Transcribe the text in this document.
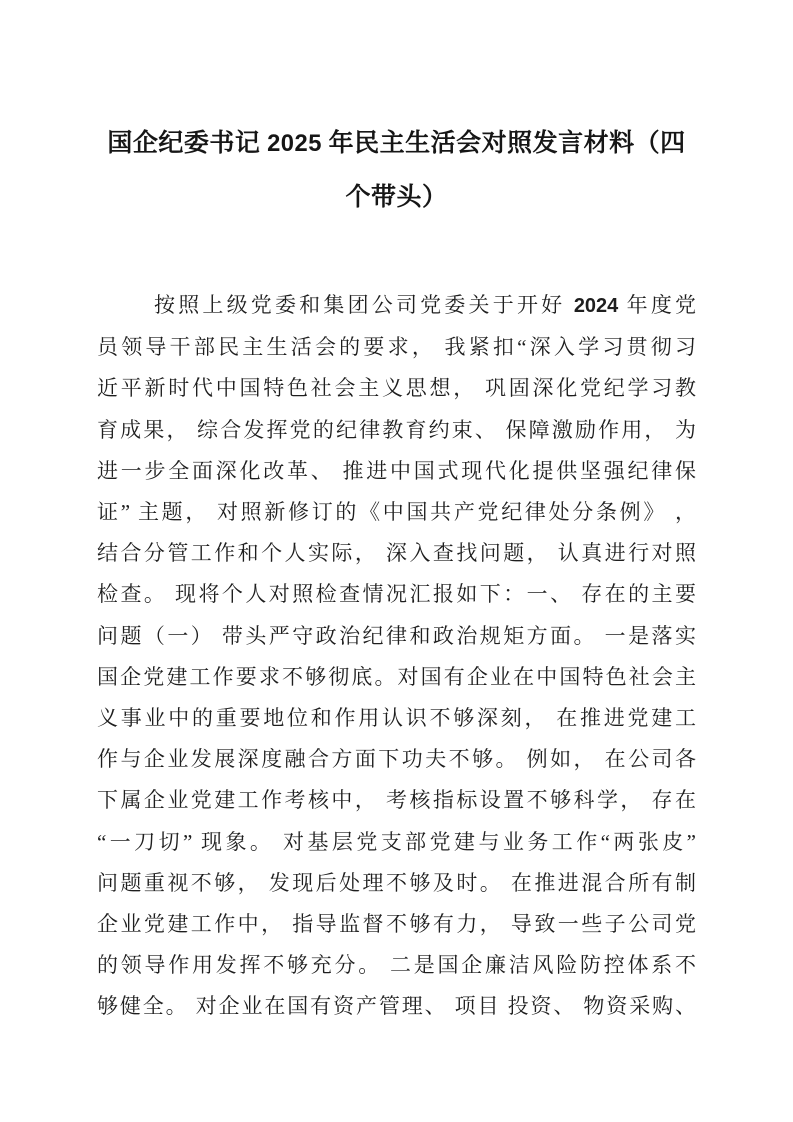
国企纪委书记 2025 年民主生活会对照发言材料（四
个带头）
按照上级党委和集团公司党委关于开好 2024 年度党
员领导干部民主生活会的要求， 我紧扣“深入学习贯彻习
近平新时代中国特色社会主义思想， 巩固深化党纪学习教
育成果， 综合发挥党的纪律教育约束、 保障激励作用， 为
进一步全面深化改革、 推进中国式现代化提供坚强纪律保
证” 主题， 对照新修订的《中国共产党纪律处分条例》 ，
结合分管工作和个人实际， 深入查找问题， 认真进行对照
检查。 现将个人对照检查情况汇报如下：一、 存在的主要
问题（一） 带头严守政治纪律和政治规矩方面。 一是落实
国企党建工作要求不够彻底。对国有企业在中国特色社会主
义事业中的重要地位和作用认识不够深刻， 在推进党建工
作与企业发展深度融合方面下功夫不够。 例如， 在公司各
下属企业党建工作考核中， 考核指标设置不够科学， 存在
“一刀切” 现象。 对基层党支部党建与业务工作“两张皮”
问题重视不够， 发现后处理不够及时。 在推进混合所有制
企业党建工作中， 指导监督不够有力， 导致一些子公司党
的领导作用发挥不够充分。 二是国企廉洁风险防控体系不
够健全。 对企业在国有资产管理、 项目 投资、 物资采购、
